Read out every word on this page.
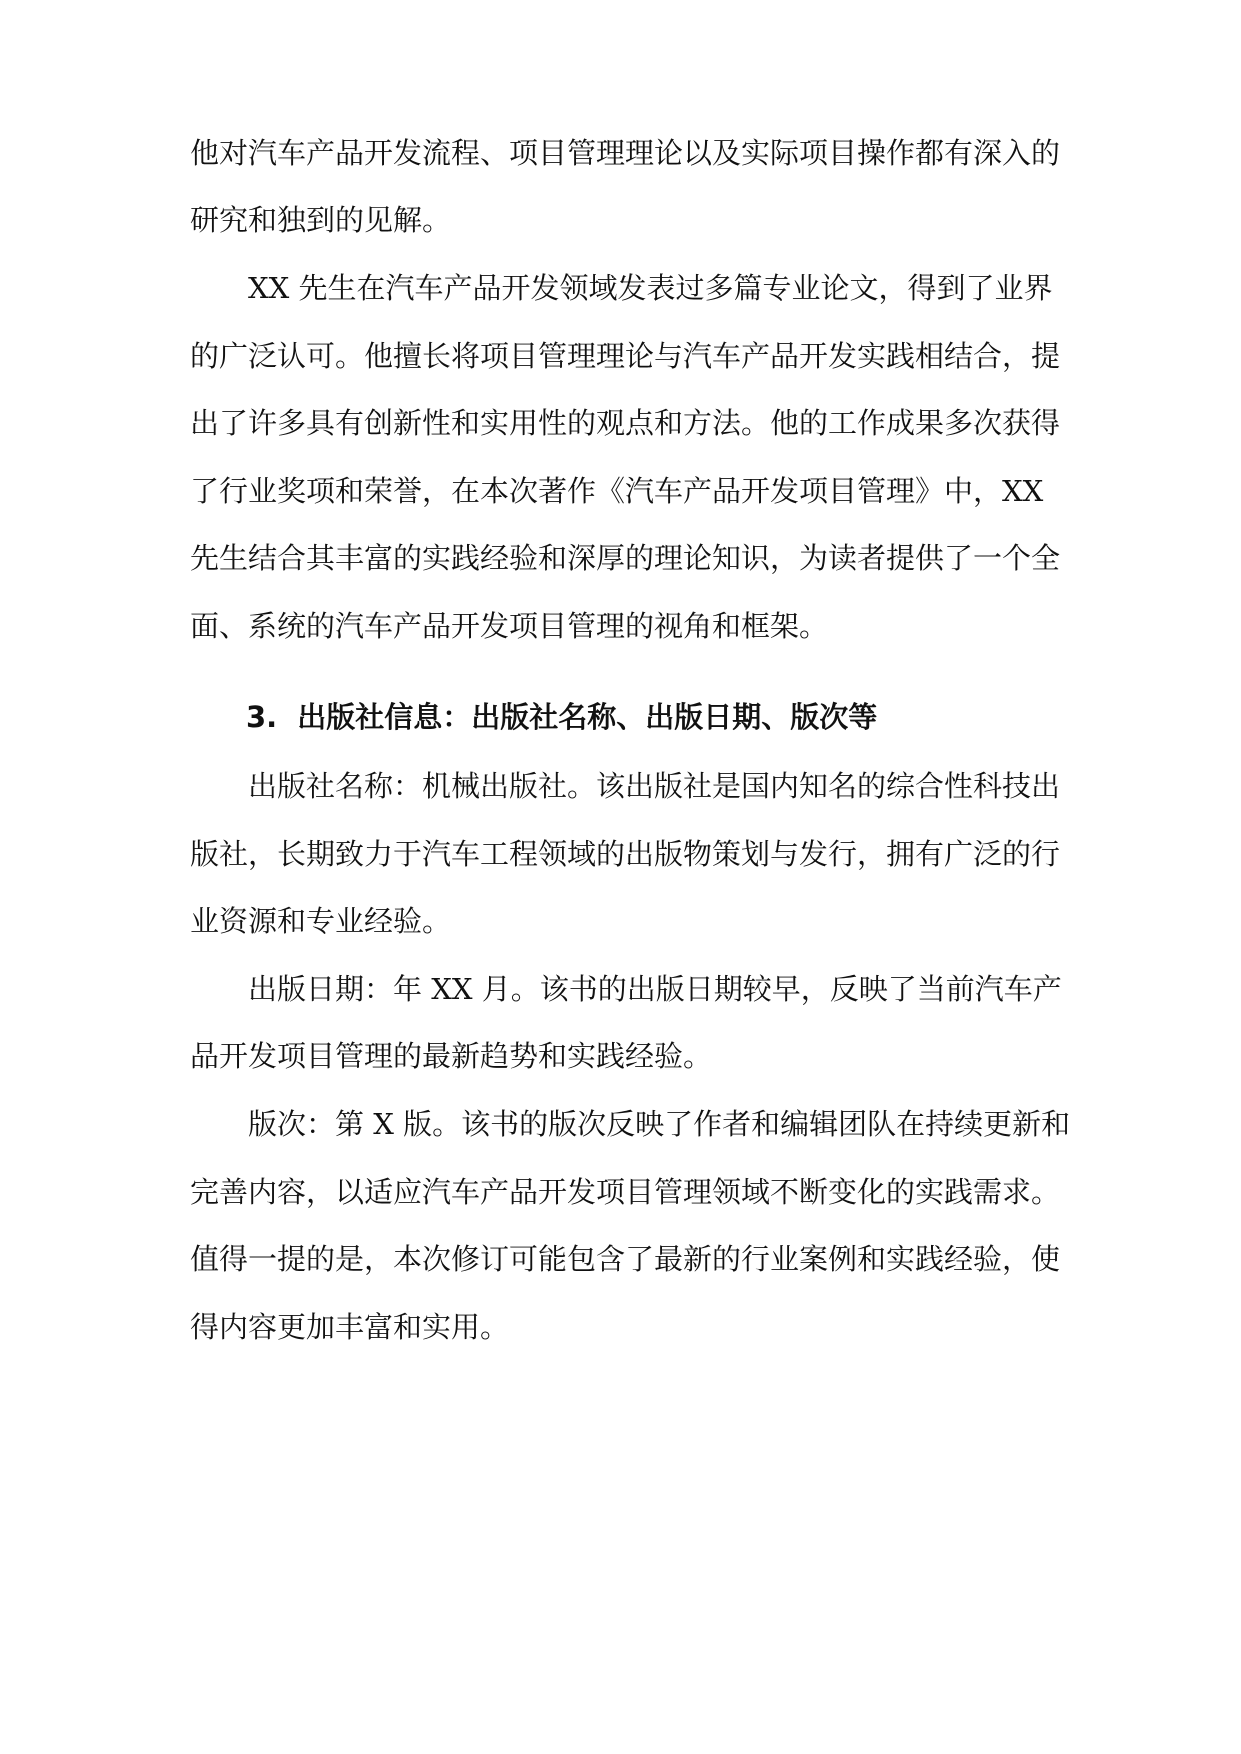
他对汽车产品开发流程、项目管理理论以及实际项目操作都有深入的

研究和独到的见解。

XX 先生在汽车产品开发领域发表过多篇专业论文，得到了业界

的广泛认可。他擅长将项目管理理论与汽车产品开发实践相结合，提

出了许多具有创新性和实用性的观点和方法。他的工作成果多次获得

了行业奖项和荣誉，在本次著作《汽车产品开发项目管理》中，XX

先生结合其丰富的实践经验和深厚的理论知识，为读者提供了一个全

面、系统的汽车产品开发项目管理的视角和框架。

3. 出版社信息：出版社名称、出版日期、版次等

出版社名称：机械出版社。该出版社是国内知名的综合性科技出

版社，长期致力于汽车工程领域的出版物策划与发行，拥有广泛的行

业资源和专业经验。

出版日期：年 XX 月。该书的出版日期较早，反映了当前汽车产

品开发项目管理的最新趋势和实践经验。

版次：第 X 版。该书的版次反映了作者和编辑团队在持续更新和

完善内容，以适应汽车产品开发项目管理领域不断变化的实践需求。

值得一提的是，本次修订可能包含了最新的行业案例和实践经验，使

得内容更加丰富和实用。
